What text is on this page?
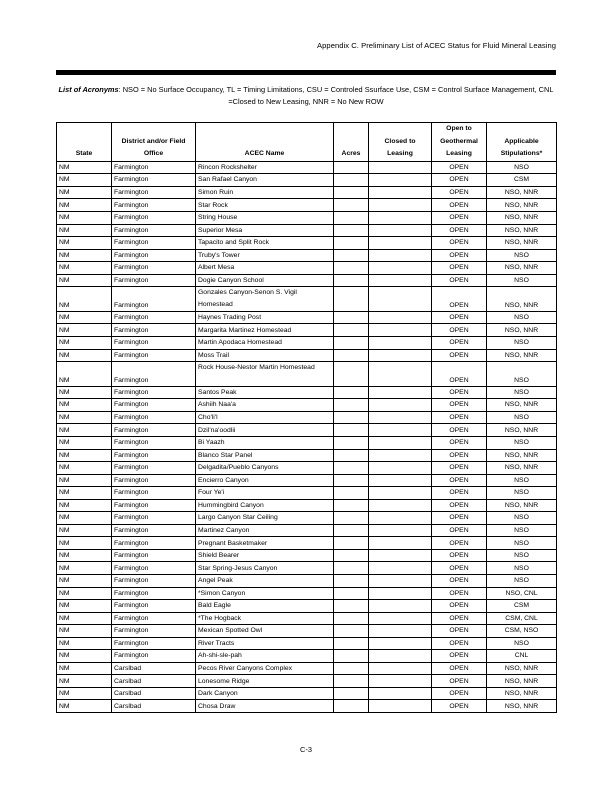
Appendix C. Preliminary List of ACEC Status for Fluid Mineral Leasing
List of Acronyms: NSO = No Surface Occupancy, TL = Timing Limitations, CSU = Controled Ssurface Use, CSM = Control Surface Management, CNL =Closed to New Leasing, NNR = No New ROW
State	District and/or Field Office	ACEC Name	Acres	Closed to Leasing	Open to Geothermal Leasing	Applicable Stipulations*
NM	Farmington	Rincon Rockshelter			OPEN	NSO
NM	Farmington	San Rafael Canyon			OPEN	CSM
NM	Farmington	Simon Ruin			OPEN	NSO, NNR
NM	Farmington	Star Rock			OPEN	NSO, NNR
NM	Farmington	String House			OPEN	NSO, NNR
NM	Farmington	Superior Mesa			OPEN	NSO, NNR
NM	Farmington	Tapacito and Split Rock			OPEN	NSO, NNR
NM	Farmington	Truby's Tower			OPEN	NSO
NM	Farmington	Albert Mesa			OPEN	NSO, NNR
NM	Farmington	Dogie Canyon School			OPEN	NSO
NM	Farmington	Gonzales Canyon-Senon S. Vigil Homestead			OPEN	NSO, NNR
NM	Farmington	Haynes Trading Post			OPEN	NSO
NM	Farmington	Margarita Martinez Homestead			OPEN	NSO, NNR
NM	Farmington	Martin Apodaca Homestead			OPEN	NSO
NM	Farmington	Moss Trail			OPEN	NSO, NNR
NM	Farmington	Rock House-Nestor Martin Homestead			OPEN	NSO
NM	Farmington	Santos Peak			OPEN	NSO
NM	Farmington	Ashiih Naa'a			OPEN	NSO, NNR
NM	Farmington	Cho'li'l			OPEN	NSO
NM	Farmington	Dzil'na'oodlii			OPEN	NSO, NNR
NM	Farmington	Bi Yaazh			OPEN	NSO
NM	Farmington	Blanco Star Panel			OPEN	NSO, NNR
NM	Farmington	Delgadita/Pueblo Canyons			OPEN	NSO, NNR
NM	Farmington	Encierro Canyon			OPEN	NSO
NM	Farmington	Four Ye'i			OPEN	NSO
NM	Farmington	Hummingbird Canyon			OPEN	NSO, NNR
NM	Farmington	Largo Canyon Star Ceiling			OPEN	NSO
NM	Farmington	Martinez Canyon			OPEN	NSO
NM	Farmington	Pregnant Basketmaker			OPEN	NSO
NM	Farmington	Shield Bearer			OPEN	NSO
NM	Farmington	Star Spring-Jesus Canyon			OPEN	NSO
NM	Farmington	Angel Peak			OPEN	NSO
NM	Farmington	*Simon Canyon			OPEN	NSO, CNL
NM	Farmington	Bald Eagle			OPEN	CSM
NM	Farmington	*The Hogback			OPEN	CSM, CNL
NM	Farmington	Mexican Spotted Owl			OPEN	CSM, NSO
NM	Farmington	River Tracts			OPEN	NSO
NM	Farmington	Ah-shi-sle-pah			OPEN	CNL
NM	Carslbad	Pecos River Canyons Complex			OPEN	NSO, NNR
NM	Carslbad	Lonesome Ridge			OPEN	NSO, NNR
NM	Carslbad	Dark Canyon			OPEN	NSO, NNR
NM	Carslbad	Chosa Draw			OPEN	NSO, NNR
C-3
